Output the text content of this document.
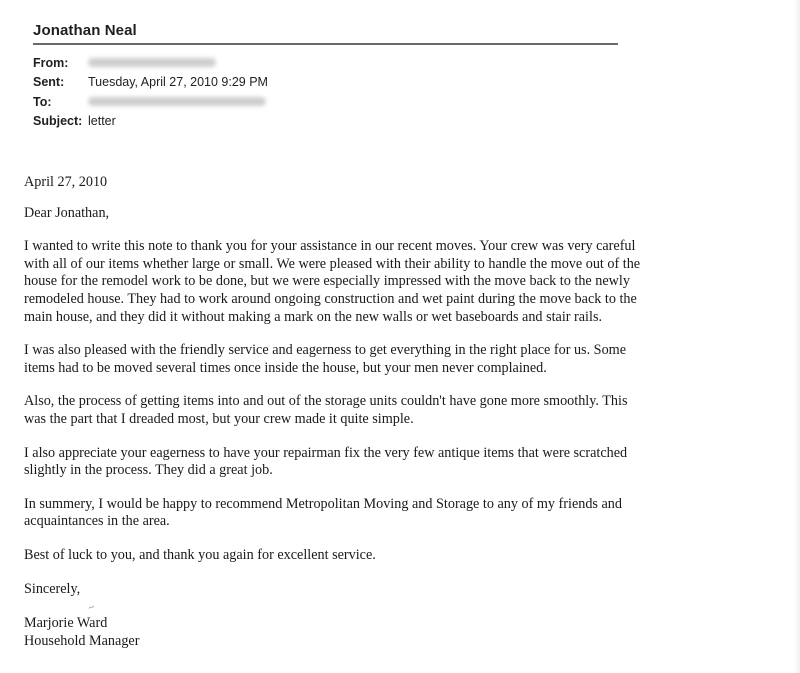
Jonathan Neal
From:
Sent:	Tuesday, April 27, 2010 9:29 PM
To:
Subject: letter

April 27, 2010

Dear Jonathan,

I wanted to write this note to thank you for your assistance in our recent moves. Your crew was very careful with all of our items whether large or small. We were pleased with their ability to handle the move out of the house for the remodel work to be done, but we were especially impressed with the move back to the newly remodeled house. They had to work around ongoing construction and wet paint during the move back to the main house, and they did it without making a mark on the new walls or wet baseboards and stair rails.

I was also pleased with the friendly service and eagerness to get everything in the right place for us. Some items had to be moved several times once inside the house, but your men never complained.

Also, the process of getting items into and out of the storage units couldn't have gone more smoothly. This was the part that I dreaded most, but your crew made it quite simple.

I also appreciate your eagerness to have your repairman fix the very few antique items that were scratched slightly in the process. They did a great job.

In summery, I would be happy to recommend Metropolitan Moving and Storage to any of my friends and acquaintances in the area.

Best of luck to you, and thank you again for excellent service.

Sincerely,

Marjorie Ward

Household Manager

~
